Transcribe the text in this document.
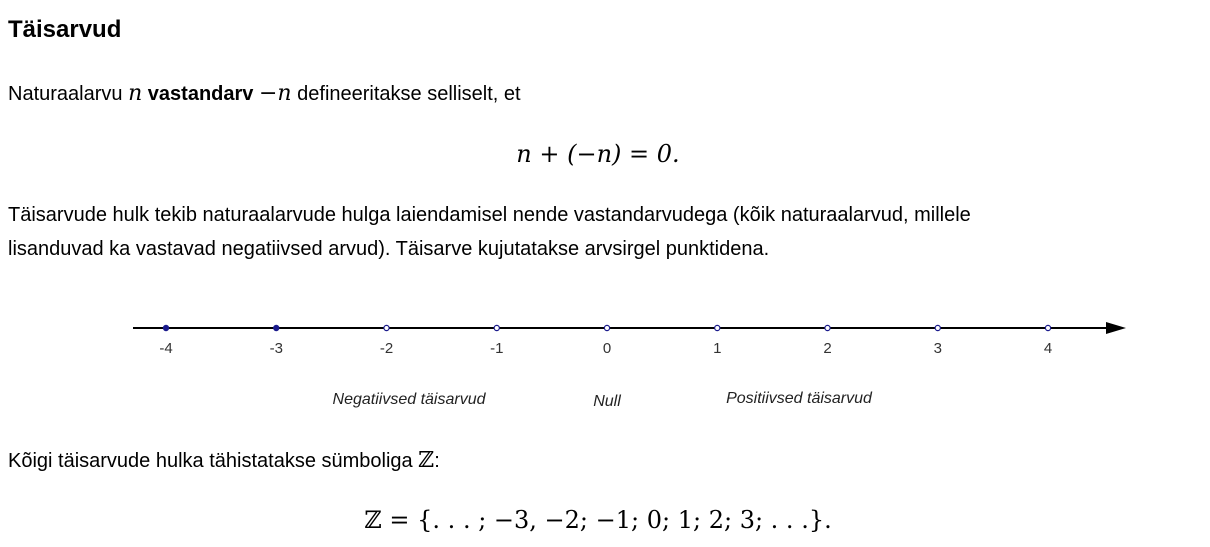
Täisarvud

Naturaalarvu n vastandarv −n defineeritakse selliselt, et

n + (−n) = 0.

Täisarvude hulk tekib naturaalarvude hulga laiendamisel nende vastandarvudega (kõik naturaalarvud, millele

lisanduvad ka vastavad negatiivsed arvud). Täisarve kujutatakse arvsirgel punktidena.

-4	-3	-2	-1	0	1	2	3	4
Negatiivsed täisarvud	Null	Positiivsed täisarvud

Kõigi täisarvude hulka tähistatakse sümboliga ℤ:

ℤ = {. . . ; −3, −2; −1; 0; 1; 2; 3; . . .}.
